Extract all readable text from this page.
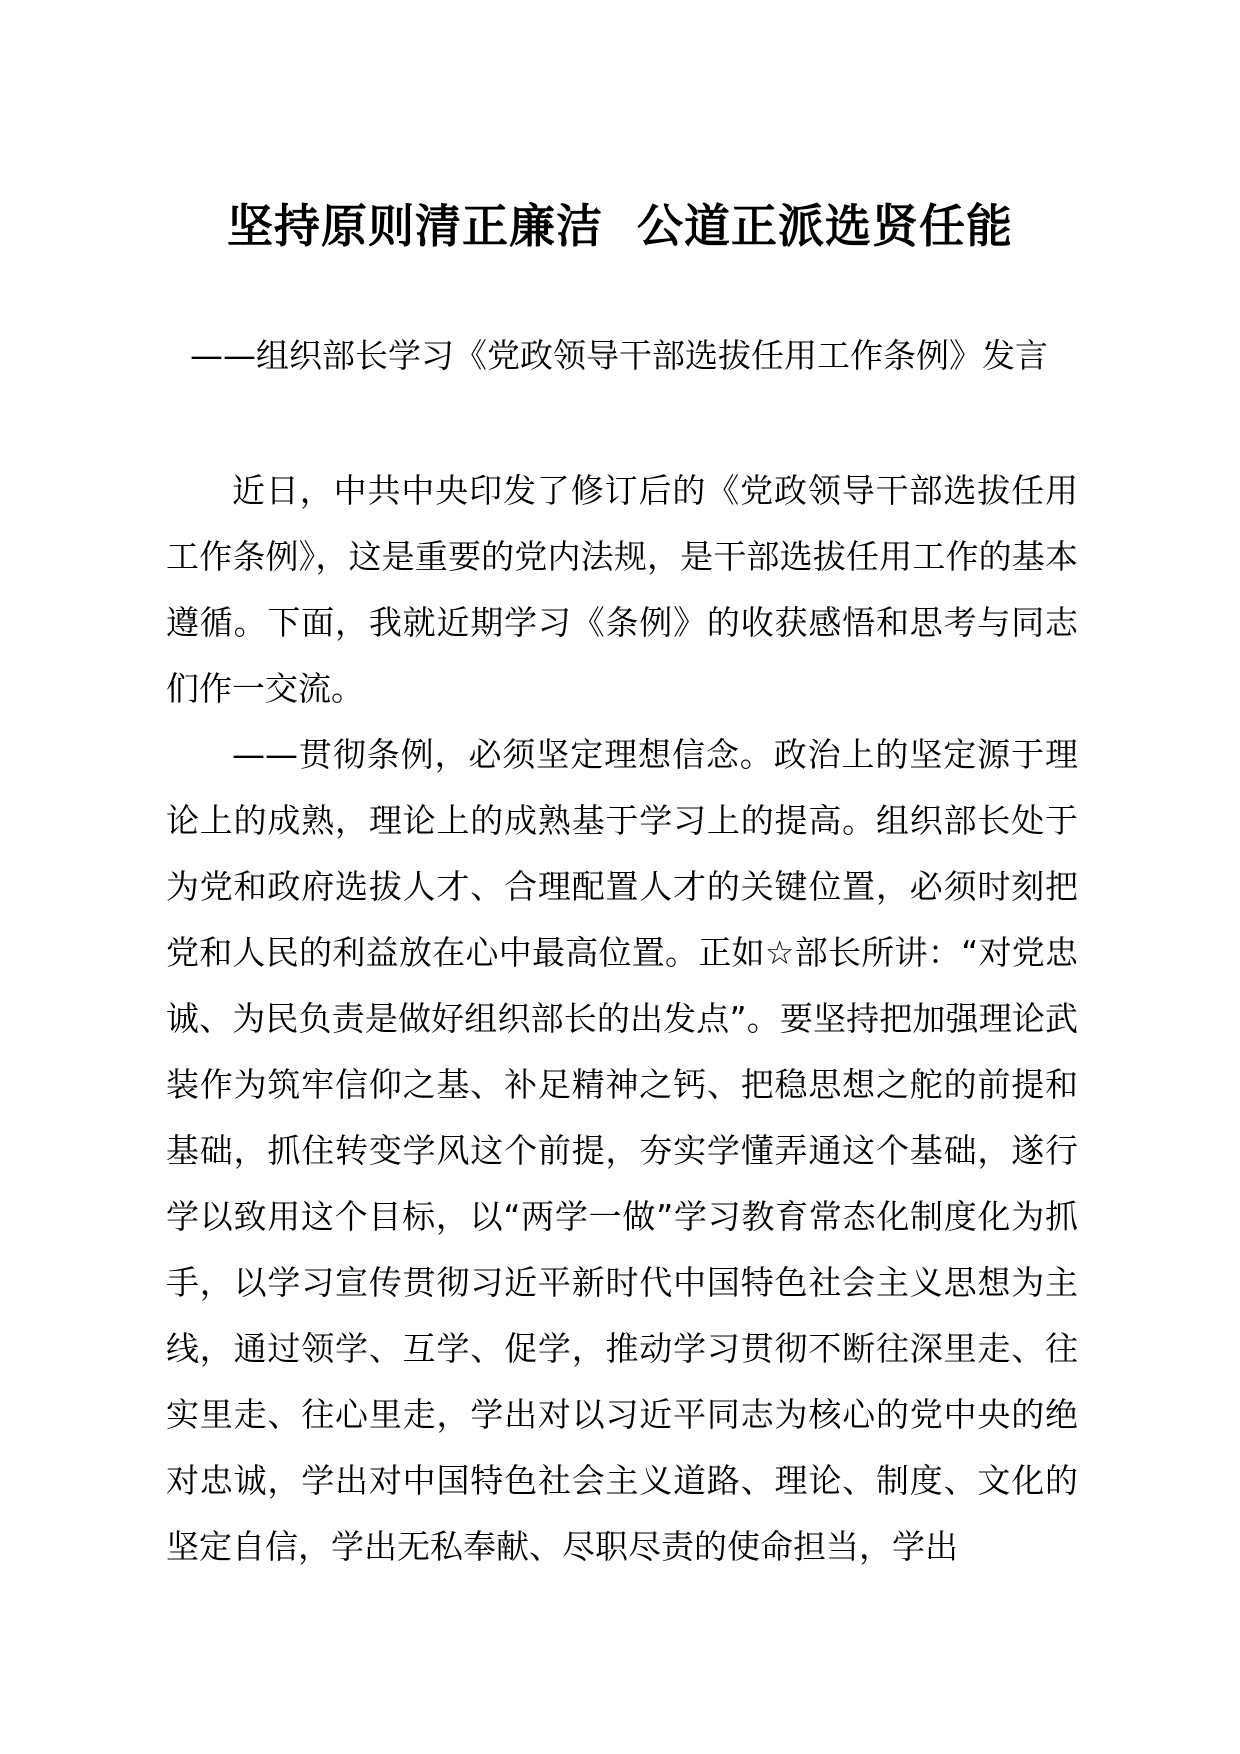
坚持原则清正廉洁  公道正派选贤任能
——组织部长学习《党政领导干部选拔任用工作条例》发言

近日，中共中央印发了修订后的《党政领导干部选拔任用工作条例》，这是重要的党内法规，是干部选拔任用工作的基本遵循。下面，我就近期学习《条例》的收获感悟和思考与同志们作一交流。

——贯彻条例，必须坚定理想信念。政治上的坚定源于理论上的成熟，理论上的成熟基于学习上的提高。组织部长处于为党和政府选拔人才、合理配置人才的关键位置，必须时刻把党和人民的利益放在心中最高位置。正如☆部长所讲：“对党忠诚、为民负责是做好组织部长的出发点”。要坚持把加强理论武装作为筑牢信仰之基、补足精神之钙、把稳思想之舵的前提和基础，抓住转变学风这个前提，夯实学懂弄通这个基础，遂行学以致用这个目标，以“两学一做”学习教育常态化制度化为抓手，以学习宣传贯彻习近平新时代中国特色社会主义思想为主线，通过领学、互学、促学，推动学习贯彻不断往深里走、往实里走、往心里走，学出对以习近平同志为核心的党中央的绝对忠诚，学出对中国特色社会主义道路、理论、制度、文化的坚定自信，学出无私奉献、尽职尽责的使命担当，学出
